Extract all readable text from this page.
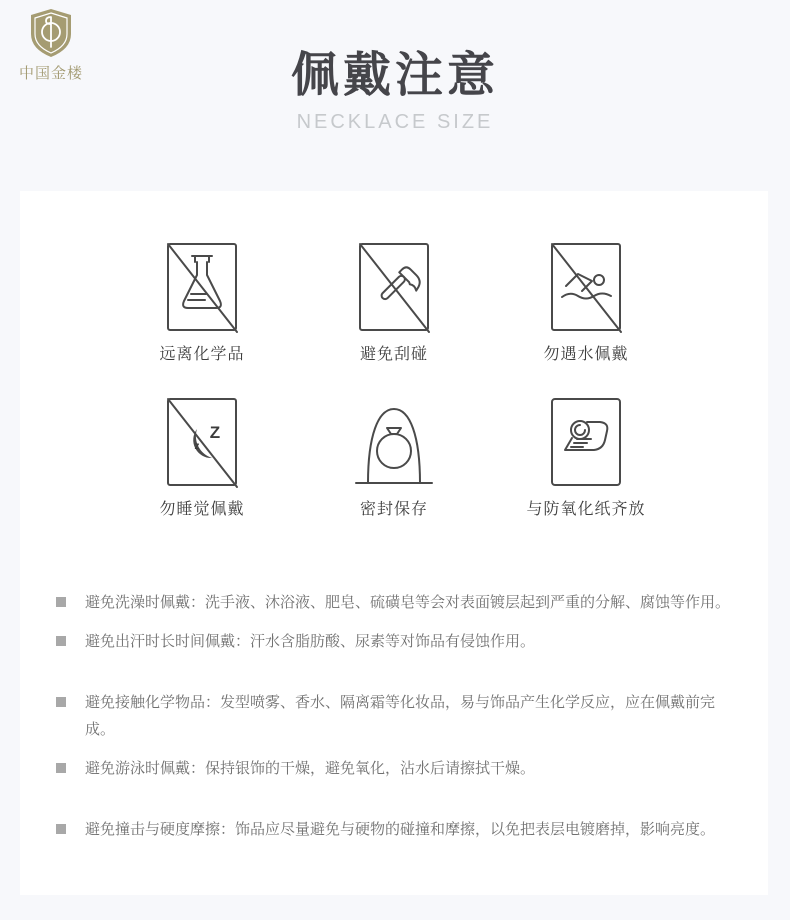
中国金楼	佩戴注意
NECKLACE SIZE
远离化学品	避免刮碰	勿遇水佩戴
Z
z
勿睡觉佩戴	密封保存	与防氧化纸齐放
避免洗澡时佩戴：洗手液、沐浴液、肥皂、硫磺皂等会对表面镀层起到严重的分解、腐蚀等作用。
避免出汗时长时间佩戴：汗水含脂肪酸、尿素等对饰品有侵蚀作用。
避免接触化学物品：发型喷雾、香水、隔离霜等化妆品，易与饰品产生化学反应，应在佩戴前完成。
避免游泳时佩戴：保持银饰的干燥，避免氧化，沾水后请擦拭干燥。
避免撞击与硬度摩擦：饰品应尽量避免与硬物的碰撞和摩擦，以免把表层电镀磨掉，影响亮度。
